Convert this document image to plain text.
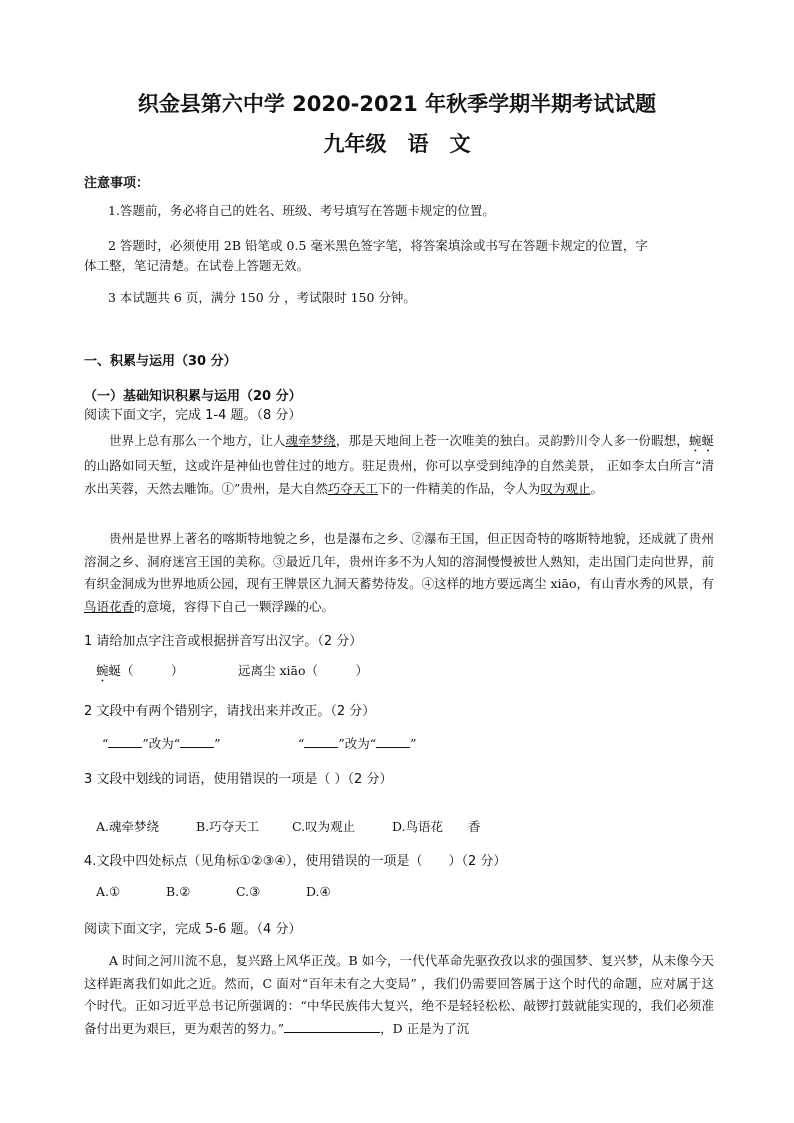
织金县第六中学 2020-2021 年秋季学期半期考试试题
九年级　语　文
注意事项：
1.答题前，务必将自己的姓名、班级、考号填写在答题卡规定的位置。
2 答题时，必须使用 2B 铅笔或 0.5 毫米黑色签字笔，将答案填涂或书写在答题卡规定的位置，字
体工整，笔记清楚。在试卷上答题无效。
3 本试题共 6 页，满分 150 分 ，考试限时 150 分钟。
一、积累与运用（30 分）
（一）基础知识积累与运用（20 分）
阅读下面文字，完成 1-4 题。（8 分）
世界上总有那么一个地方，让人魂牵梦绕，那是天地间上苍一次唯美的独白。灵韵黔川令人多一份暇想，蜿蜒的山路如同天堑，这或许是神仙也曾住过的地方。驻足贵州，你可以享受到纯净的自然美景， 正如李太白所言“清水出芙蓉，天然去雕饰。①”贵州，是大自然巧夺天工下的一件精美的作品，令人为叹为观止。
贵州是世界上著名的喀斯特地貌之乡，也是瀑布之乡、②瀑布王国，但正因奇特的喀斯特地貌，还成就了贵州溶洞之乡、洞府迷宫王国的美称。③最近几年，贵州许多不为人知的溶洞慢慢被世人熟知，走出国门走向世界，前有织金洞成为世界地质公园，现有王牌景区九洞天蓄势待发。④这样的地方要远离尘 xiāo，有山青水秀的风景，有鸟语花香的意境，容得下自己一颗浮躁的心。
1 请给加点字注音或根据拼音写出汉字。（2 分）
蜿蜒（　　　）	远离尘 xiāo（　　　）
2 文段中有两个错别字，请找出来并改正。（2 分）
“	”改为“	”	“	”改为“	”
3 文段中划线的词语，使用错误的一项是（ ）（2 分）
A.魂牵梦绕	B.巧夺天工	C.叹为观止	D.鸟语花　　香
4.文段中四处标点（见角标①②③④），使用错误的一项是（　　）（2 分）
A.①	B.②	C.③	D.④
阅读下面文字，完成 5-6 题。（4 分）
A 时间之河川流不息，复兴路上风华正茂。B 如今，一代代革命先驱孜孜以求的强国梦、复兴梦，从未像今天这样距离我们如此之近。然而，C 面对“百年未有之大变局” ，我们仍需要回答属于这个时代的命题，应对属于这个时代。正如习近平总书记所强调的：“中华民族伟大复兴，绝不是轻轻松松、敲锣打鼓就能实现的，我们必须准备付出更为艰巨，更为艰苦的努力。”	，D 正是为了沉
